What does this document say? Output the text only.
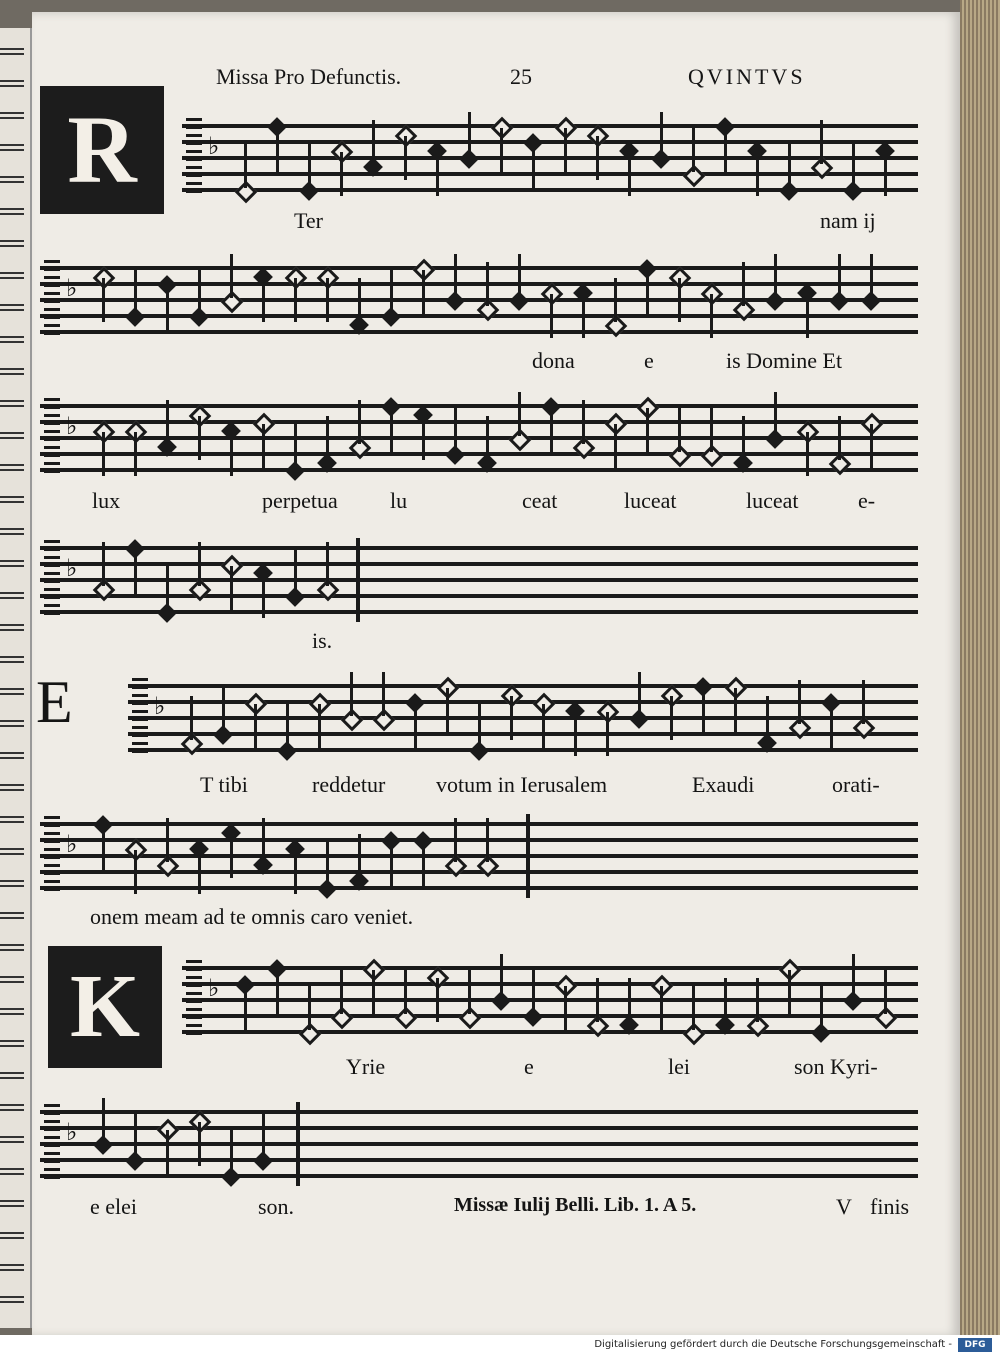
Missa Pro Defunctis.	25	QVINTVS
R
K
E
♭
Ter	nam ij
♭
dona	e	is Domine Et
♭
lux	perpetua lu	ceat	luceat	luceat	e-
♭
is.
♭
T tibi	reddetur votum in Ierusalem	Exaudi	orati-
♭
onem meam ad te omnis caro veniet.
♭
Yrie	e	lei	son Kyri-
♭
e elei	son.	Missæ Iulij Belli. Lib. 1. A 5.	V finis
Digitalisierung gefördert durch die Deutsche Forschungsgemeinschaft -	DFG
